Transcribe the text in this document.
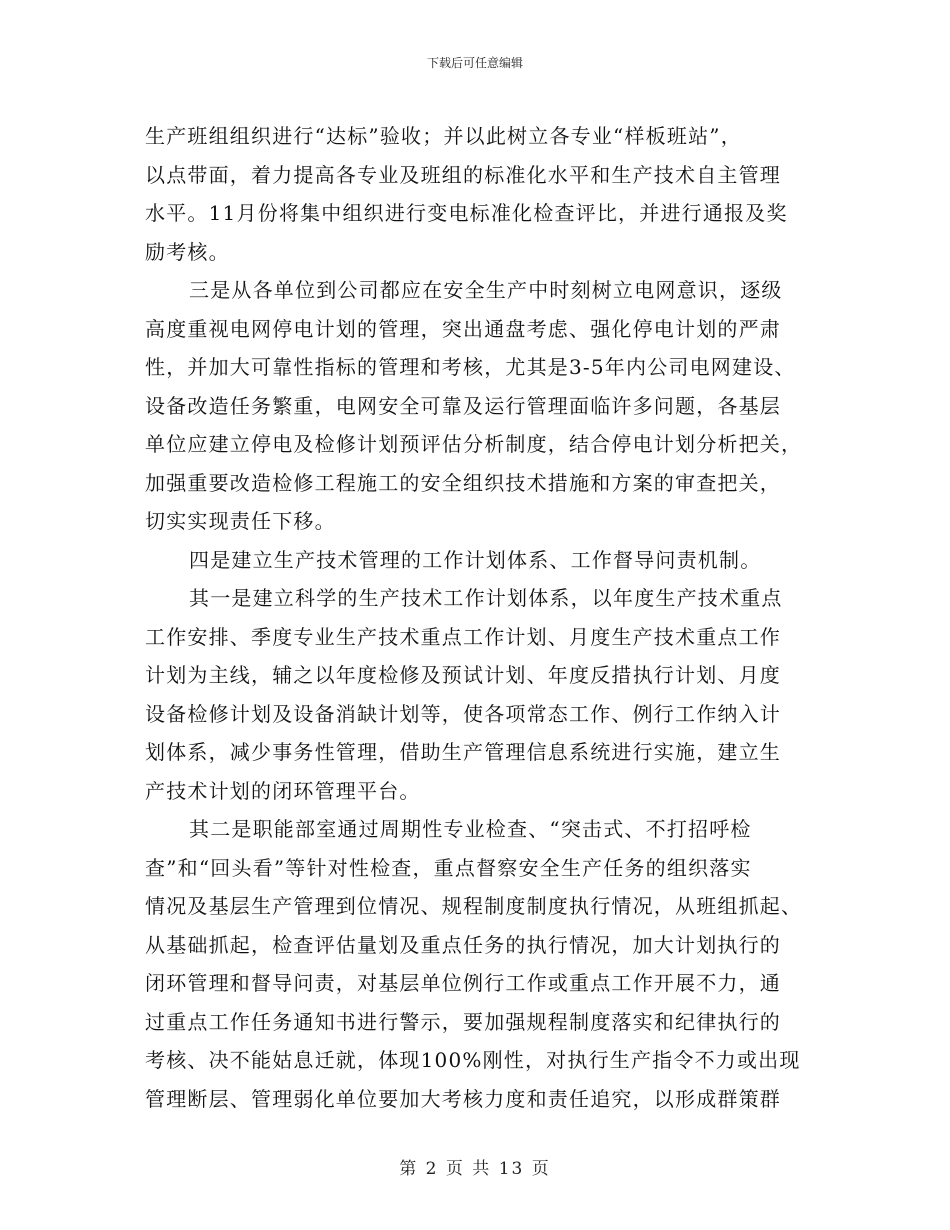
下载后可任意编辑
生产班组组织进行“达标”验收；并以此树立各专业“样板班站”，
以点带面，着力提高各专业及班组的标准化水平和生产技术自主管理
水平。11月份将集中组织进行变电标准化检查评比，并进行通报及奖
励考核。
三是从各单位到公司都应在安全生产中时刻树立电网意识，逐级
高度重视电网停电计划的管理，突出通盘考虑、强化停电计划的严肃
性，并加大可靠性指标的管理和考核，尤其是3-5年内公司电网建设、
设备改造任务繁重，电网安全可靠及运行管理面临许多问题，各基层
单位应建立停电及检修计划预评估分析制度，结合停电计划分析把关，
加强重要改造检修工程施工的安全组织技术措施和方案的审查把关，
切实实现责任下移。
四是建立生产技术管理的工作计划体系、工作督导问责机制。
其一是建立科学的生产技术工作计划体系，以年度生产技术重点
工作安排、季度专业生产技术重点工作计划、月度生产技术重点工作
计划为主线，辅之以年度检修及预试计划、年度反措执行计划、月度
设备检修计划及设备消缺计划等，使各项常态工作、例行工作纳入计
划体系，减少事务性管理，借助生产管理信息系统进行实施，建立生
产技术计划的闭环管理平台。
其二是职能部室通过周期性专业检查、“突击式、不打招呼检
查”和“回头看”等针对性检查，重点督察安全生产任务的组织落实
情况及基层生产管理到位情况、规程制度制度执行情况，从班组抓起、
从基础抓起，检查评估量划及重点任务的执行情况，加大计划执行的
闭环管理和督导问责，对基层单位例行工作或重点工作开展不力，通
过重点工作任务通知书进行警示，要加强规程制度落实和纪律执行的
考核、决不能姑息迁就，体现100%刚性，对执行生产指令不力或出现
管理断层、管理弱化单位要加大考核力度和责任追究，以形成群策群
第 2 页 共 13 页
